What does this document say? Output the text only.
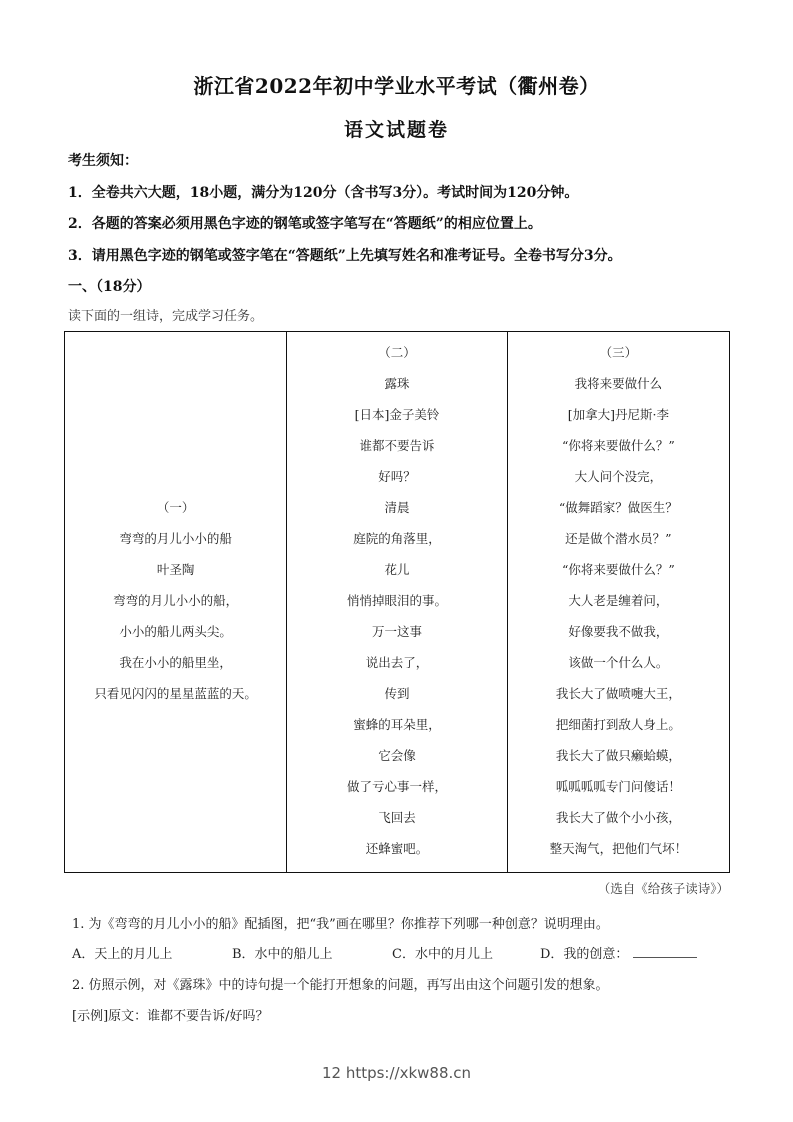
浙江省2022年初中学业水平考试（衢州卷）
语文试题卷
考生须知：
1．全卷共六大题，18小题，满分为120分（含书写3分）。考试时间为120分钟。
2．各题的答案必须用黑色字迹的钢笔或签字笔写在“答题纸”的相应位置上。
3．请用黑色字迹的钢笔或签字笔在“答题纸”上先填写姓名和准考证号。全卷书写分3分。
一、（18分）
读下面的一组诗，完成学习任务。
（一）
弯弯的月儿小小的船
叶圣陶
弯弯的月儿小小的船，
小小的船儿两头尖。
我在小小的船里坐，
只看见闪闪的星星蓝蓝的天。
（二）
露珠
[日本]金子美铃
谁都不要告诉
好吗？
清晨
庭院的角落里，
花儿
悄悄掉眼泪的事。
万一这事
说出去了，
传到
蜜蜂的耳朵里，
它会像
做了亏心事一样，
飞回去
还蜂蜜吧。
（三）
我将来要做什么
[加拿大]丹尼斯·李
“你将来要做什么？”
大人问个没完，
“做舞蹈家？做医生？
还是做个潜水员？”
“你将来要做什么？”
大人老是缠着问，
好像要我不做我，
该做一个什么人。
我长大了做喷嚏大王，
把细菌打到敌人身上。
我长大了做只癞蛤蟆，
呱呱呱呱专门问傻话！
我长大了做个小小孩，
整天淘气，把他们气坏！
（选自《给孩子读诗》）
1. 为《弯弯的月儿小小的船》配插图，把“我”画在哪里？你推荐下列哪一种创意？说明理由。
A．天上的月儿上	B．水中的船儿上	C．水中的月儿上	D．我的创意：
2. 仿照示例，对《露珠》中的诗句提一个能打开想象的问题，再写出由这个问题引发的想象。
[示例]原文：谁都不要告诉/好吗？
12 https://xkw88.cn
